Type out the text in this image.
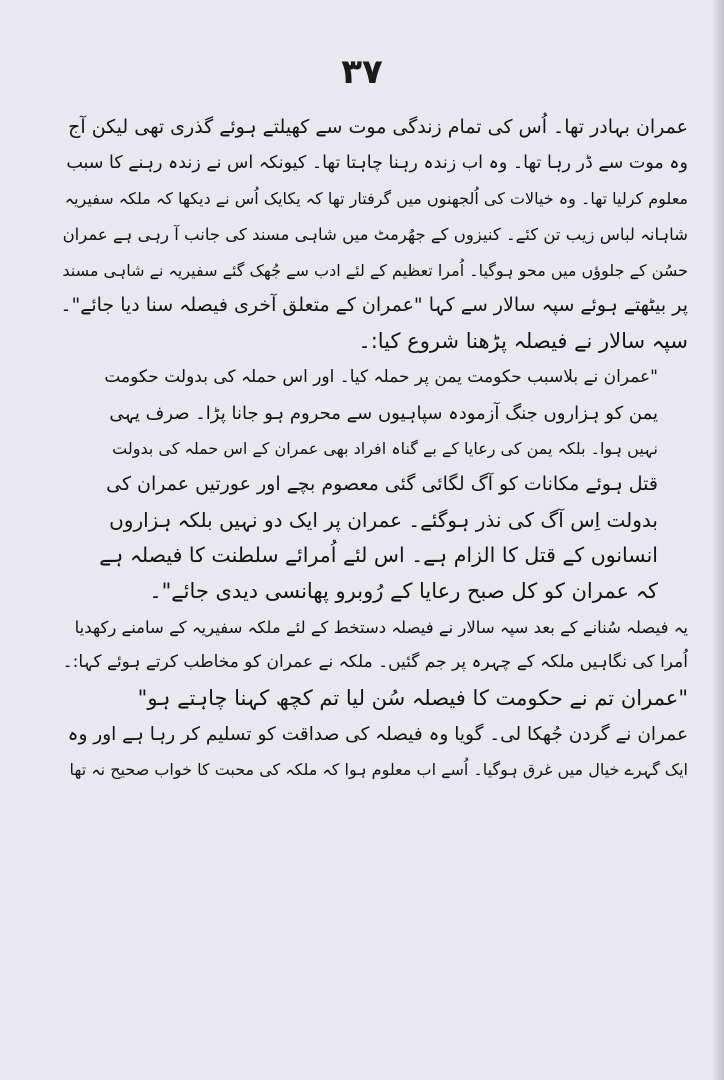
۳۷
عمران بہادر تھا۔ اُس کی تمام زندگی موت سے کھیلتے ہوئے گذری تھی لیکن آج
وہ موت سے ڈر رہا تھا۔ وہ اب زندہ رہنا چاہتا تھا۔ کیونکہ اس نے زندہ رہنے کا سبب
معلوم کرلیا تھا۔ وہ خیالات کی اُلجھنوں میں گرفتار تھا کہ یکایک اُس نے دیکھا کہ ملکہ سفیریہ
شاہانہ لباس زیب تن کئے۔ کنیزوں کے جھُرمٹ میں شاہی مسند کی جانب آ رہی ہے عمران
حسُن کے جلوؤں میں محو ہوگیا۔ اُمرا تعظیم کے لئے ادب سے جُھک گئے سفیریہ نے شاہی مسند
پر بیٹھتے ہوئے سپہ سالار سے کہا "عمران کے متعلق آخری فیصلہ سنا دیا جائے"۔
سپہ سالار نے فیصلہ پڑھنا شروع کیا:۔
"عمران نے بلاسبب حکومت یمن پر حملہ کیا۔ اور اس حملہ کی بدولت حکومت
یمن کو ہزاروں جنگ آزمودہ سپاہیوں سے محروم ہو جانا پڑا۔ صرف یہی
نہیں ہوا۔ بلکہ یمن کی رعایا کے بے گناہ افراد بھی عمران کے اس حملہ کی بدولت
قتل ہوئے مکانات کو آگ لگائی گئی معصوم بچے اور عورتیں عمران کی
بدولت اِس آگ کی نذر ہوگئے۔ عمران پر ایک دو نہیں بلکہ ہزاروں
انسانوں کے قتل کا الزام ہے۔ اس لئے اُمرائے سلطنت کا فیصلہ ہے
کہ عمران کو کل صبح رعایا کے رُوبرو پھانسی دیدی جائے"۔
یہ فیصلہ سُنانے کے بعد سپہ سالار نے فیصلہ دستخط کے لئے ملکہ سفیریہ کے سامنے رکھدیا
اُمرا کی نگاہیں ملکہ کے چہرہ پر جم گئیں۔ ملکہ نے عمران کو مخاطب کرتے ہوئے کہا:۔
"عمران تم نے حکومت کا فیصلہ سُن لیا تم کچھ کہنا چاہتے ہو"
عمران نے گردن جُھکا لی۔ گویا وہ فیصلہ کی صداقت کو تسلیم کر رہا ہے اور وہ
ایک گہرے خیال میں غرق ہوگیا۔ اُسے اب معلوم ہوا کہ ملکہ کی محبت کا خواب صحیح نہ تھا
